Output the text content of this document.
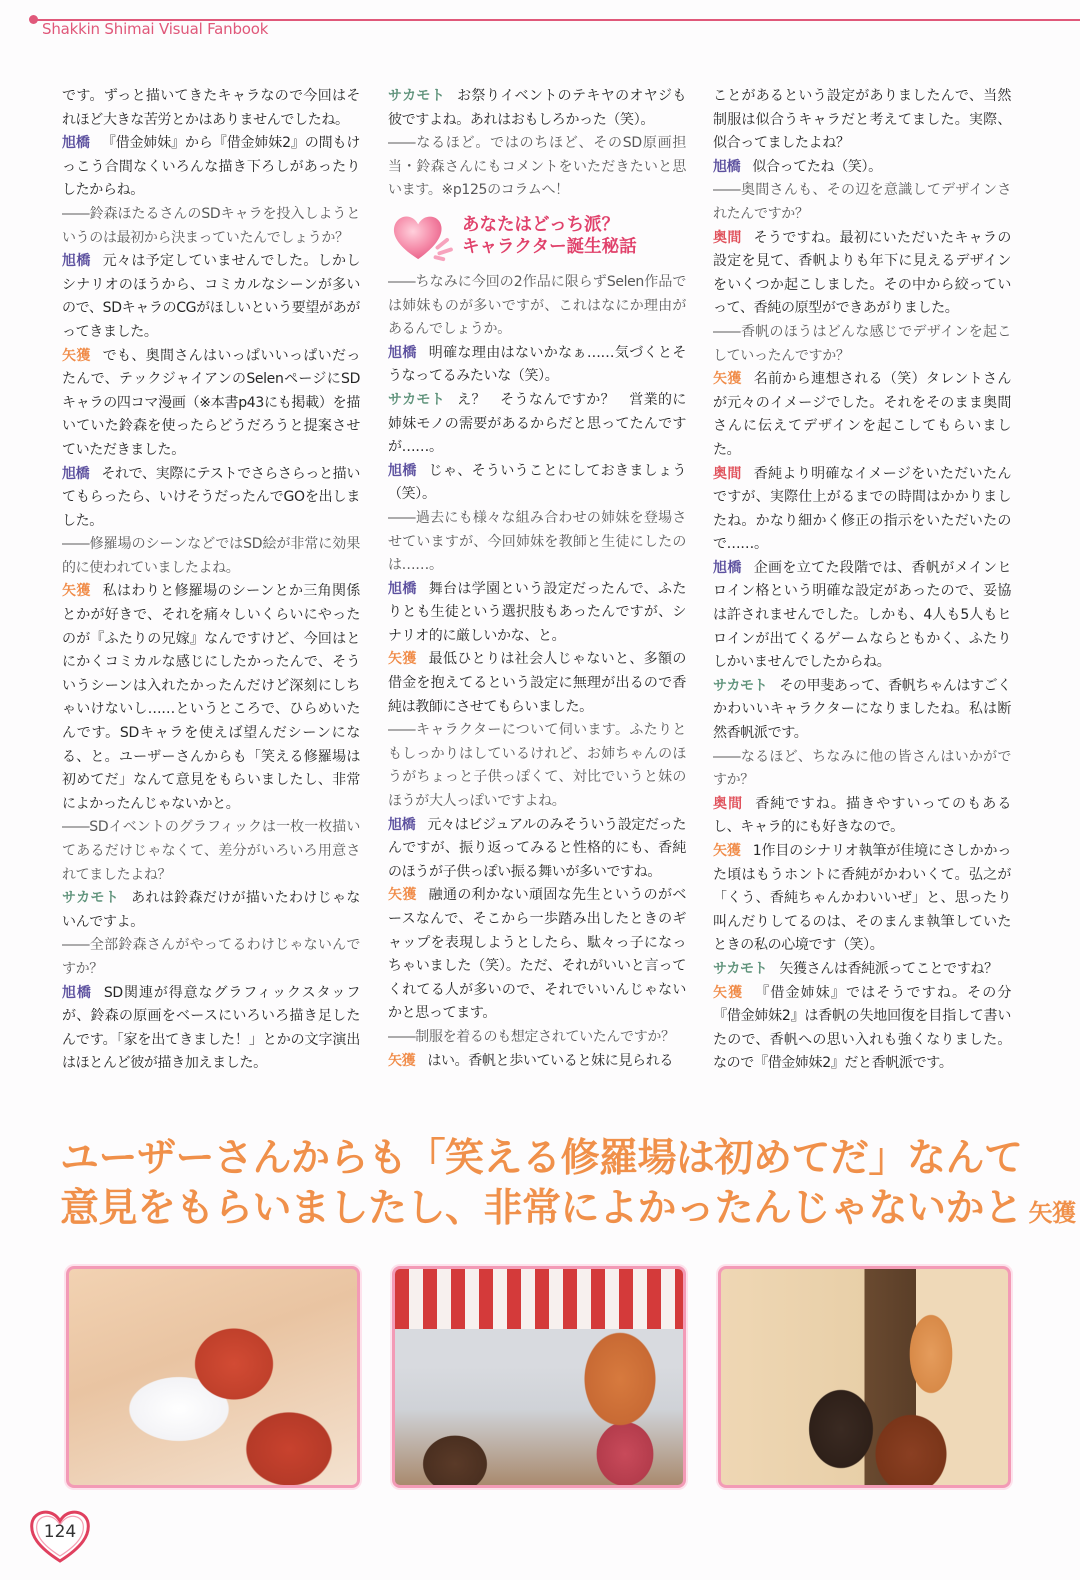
Shakkin Shimai Visual Fanbook

です。ずっと描いてきたキャラなので今回はそれほど大きな苦労とかはありませんでしたね。

旭橋 『借金姉妹』から『借金姉妹2』の間もけっこう合間なくいろんな描き下ろしがあったりしたからね。

――鈴森ほたるさんのSDキャラを投入しようというのは最初から決まっていたんでしょうか？

旭橋 元々は予定していませんでした。しかしシナリオのほうから、コミカルなシーンが多いので、SDキャラのCGがほしいという要望があがってきました。

矢獲 でも、奥間さんはいっぱいいっぱいだったんで、テックジャイアンのSelenページにSDキャラの四コマ漫画（※本書p43にも掲載）を描いていた鈴森を使ったらどうだろうと提案させていただきました。

旭橋 それで、実際にテストでさらさらっと描いてもらったら、いけそうだったんでGOを出しました。

――修羅場のシーンなどではSD絵が非常に効果的に使われていましたよね。

矢獲 私はわりと修羅場のシーンとか三角関係とかが好きで、それを痛々しいくらいにやったのが『ふたりの兄嫁』なんですけど、今回はとにかくコミカルな感じにしたかったんで、そういうシーンは入れたかったんだけど深刻にしちゃいけないし……というところで、ひらめいたんです。SDキャラを使えば望んだシーンになる、と。ユーザーさんからも「笑える修羅場は初めてだ」なんて意見をもらいましたし、非常によかったんじゃないかと。

――SDイベントのグラフィックは一枚一枚描いてあるだけじゃなくて、差分がいろいろ用意されてましたよね？

サカモト あれは鈴森だけが描いたわけじゃないんですよ。

――全部鈴森さんがやってるわけじゃないんですか？

旭橋 SD関連が得意なグラフィックスタッフが、鈴森の原画をベースにいろいろ描き足したんです。「家を出てきました！」とかの文字演出はほとんど彼が描き加えました。

サカモト お祭りイベントのテキヤのオヤジも彼ですよね。あれはおもしろかった（笑）。

――なるほど。ではのちほど、そのSD原画担当・鈴森さんにもコメントをいただきたいと思います。※p125のコラムへ！

あなたはどっち派？
キャラクター誕生秘話

――ちなみに今回の2作品に限らずSelen作品では姉妹ものが多いですが、これはなにか理由があるんでしょうか。

旭橋 明確な理由はないかなぁ……気づくとそうなってるみたいな（笑）。

サカモト え？　そうなんですか？　営業的に姉妹モノの需要があるからだと思ってたんですが……。

旭橋 じゃ、そういうことにしておきましょう（笑）。

――過去にも様々な組み合わせの姉妹を登場させていますが、今回姉妹を教師と生徒にしたのは……。

旭橋 舞台は学園という設定だったんで、ふたりとも生徒という選択肢もあったんですが、シナリオ的に厳しいかな、と。

矢獲 最低ひとりは社会人じゃないと、多額の借金を抱えてるという設定に無理が出るので香純は教師にさせてもらいました。

――キャラクターについて伺います。ふたりともしっかりはしているけれど、お姉ちゃんのほうがちょっと子供っぽくて、対比でいうと妹のほうが大人っぽいですよね。

旭橋 元々はビジュアルのみそういう設定だったんですが、振り返ってみると性格的にも、香純のほうが子供っぽい振る舞いが多いですね。

矢獲 融通の利かない頑固な先生というのがベースなんで、そこから一歩踏み出したときのギャップを表現しようとしたら、駄々っ子になっちゃいました（笑）。ただ、それがいいと言ってくれてる人が多いので、それでいいんじゃないかと思ってます。

――制服を着るのも想定されていたんですか？

矢獲 はい。香帆と歩いていると妹に見られる

ことがあるという設定がありましたんで、当然制服は似合うキャラだと考えてました。実際、似合ってましたよね？

旭橋 似合ってたね（笑）。

――奥間さんも、その辺を意識してデザインされたんですか？

奥間 そうですね。最初にいただいたキャラの設定を見て、香帆よりも年下に見えるデザインをいくつか起こしました。その中から絞っていって、香純の原型ができあがりました。

――香帆のほうはどんな感じでデザインを起こしていったんですか？

矢獲 名前から連想される（笑）タレントさんが元々のイメージでした。それをそのまま奥間さんに伝えてデザインを起こしてもらいました。

奥間 香純より明確なイメージをいただいたんですが、実際仕上がるまでの時間はかかりましたね。かなり細かく修正の指示をいただいたので……。

旭橋 企画を立てた段階では、香帆がメインヒロイン格という明確な設定があったので、妥協は許されませんでした。しかも、4人も5人もヒロインが出てくるゲームならともかく、ふたりしかいませんでしたからね。

サカモト その甲斐あって、香帆ちゃんはすごくかわいいキャラクターになりましたね。私は断然香帆派です。

――なるほど、ちなみに他の皆さんはいかがですか？

奥間 香純ですね。描きやすいってのもあるし、キャラ的にも好きなので。

矢獲 1作目のシナリオ執筆が佳境にさしかかった頃はもうホントに香純がかわいくて。弘之が「くう、香純ちゃんかわいいぜ」と、思ったり叫んだりしてるのは、そのまんま執筆していたときの私の心境です（笑）。

サカモト 矢獲さんは香純派ってことですね？

矢獲 『借金姉妹』ではそうですね。その分『借金姉妹2』は香帆の失地回復を目指して書いたので、香帆への思い入れも強くなりました。なので『借金姉妹2』だと香帆派です。

ユーザーさんからも「笑える修羅場は初めてだ」なんて
意見をもらいましたし、非常によかったんじゃないかと 矢獲
124
